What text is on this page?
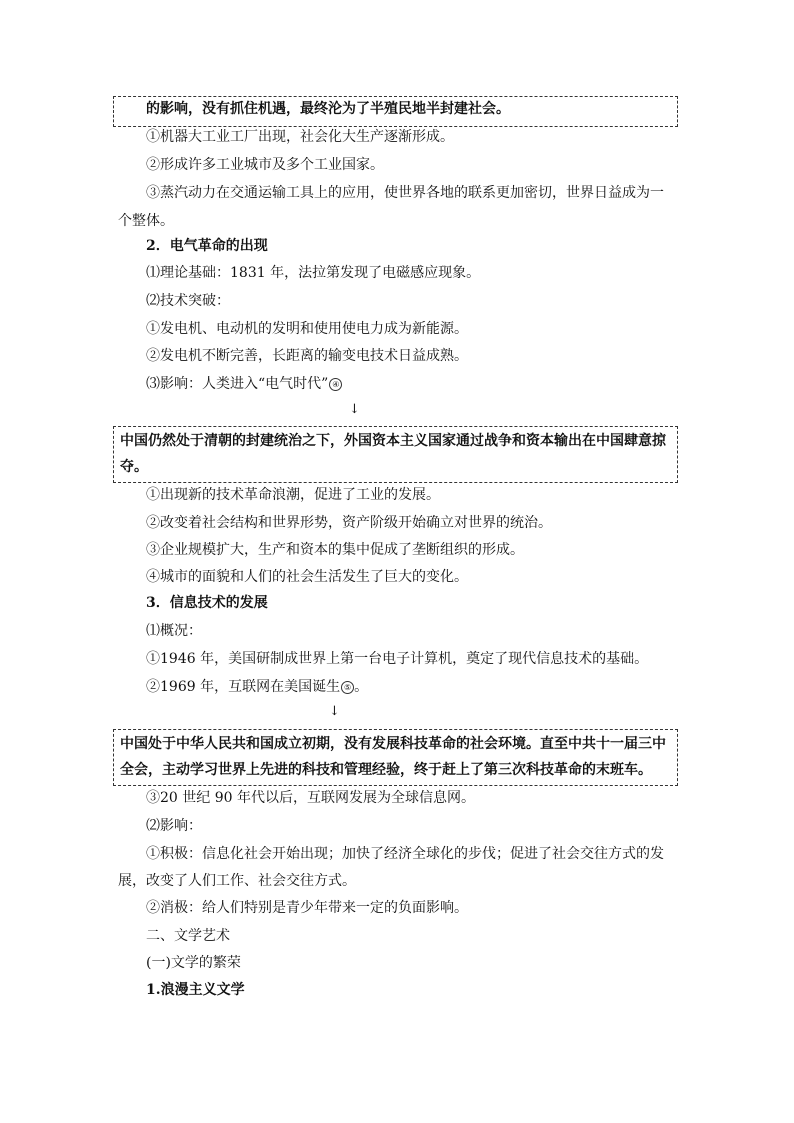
的影响，没有抓住机遇，最终沦为了半殖民地半封建社会。
①机器大工业工厂出现，社会化大生产逐渐形成。
②形成许多工业城市及多个工业国家。
③蒸汽动力在交通运输工具上的应用，使世界各地的联系更加密切，世界日益成为一
个整体。
2．电气革命的出现
⑴理论基础：1831 年，法拉第发现了电磁感应现象。
⑵技术突破：
①发电机、电动机的发明和使用使电力成为新能源。
②发电机不断完善，长距离的输变电技术日益成熟。
⑶影响：人类进入“电气时代” ④
↓
中国仍然处于清朝的封建统治之下，外国资本主义国家通过战争和资本输出在中国肆意掠
夺。
①出现新的技术革命浪潮，促进了工业的发展。
②改变着社会结构和世界形势，资产阶级开始确立对世界的统治。
③企业规模扩大，生产和资本的集中促成了垄断组织的形成。
④城市的面貌和人们的社会生活发生了巨大的变化。
3．信息技术的发展
⑴概况：
①1946 年，美国研制成世界上第一台电子计算机，奠定了现代信息技术的基础。
②1969 年，互联网在美国诞生 ⑤ 。
↓
中国处于中华人民共和国成立初期，没有发展科技革命的社会环境。直至中共十一届三中
全会，主动学习世界上先进的科技和管理经验，终于赶上了第三次科技革命的末班车。
③20 世纪 90 年代以后，互联网发展为全球信息网。
⑵影响：
①积极：信息化社会开始出现；加快了经济全球化的步伐；促进了社会交往方式的发
展，改变了人们工作、社会交往方式。
②消极：给人们特别是青少年带来一定的负面影响。
二、文学艺术
(一)文学的繁荣
1.浪漫主义文学
